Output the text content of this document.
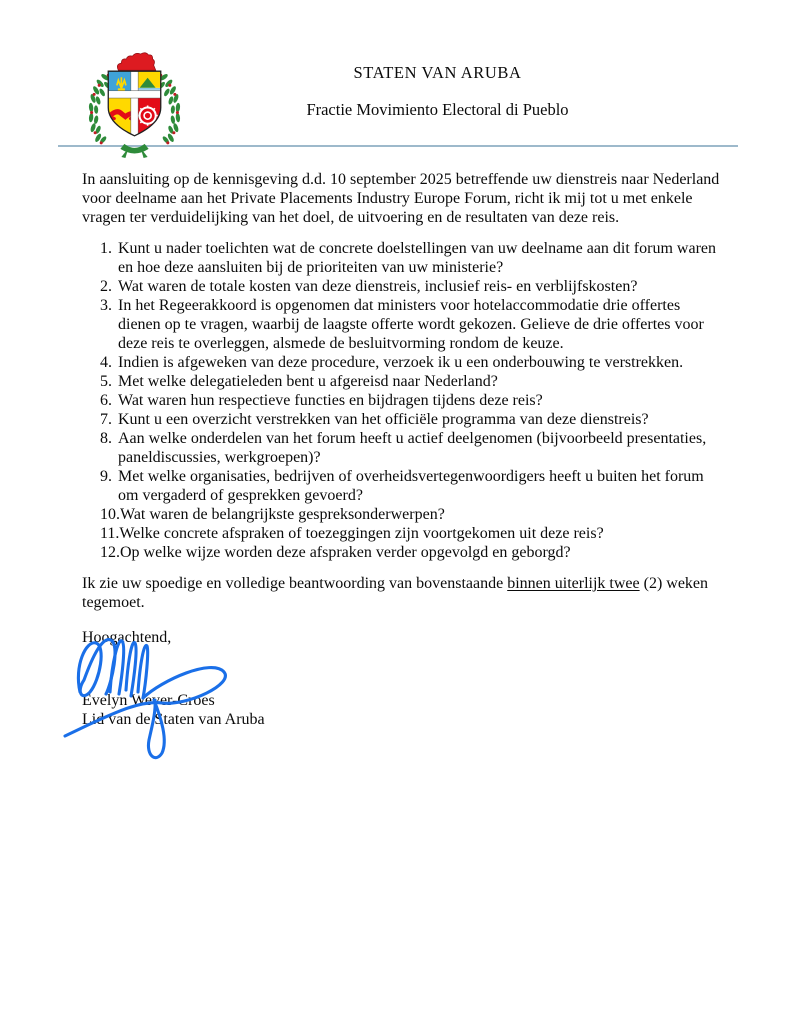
STATEN VAN ARUBA
Fractie Movimiento Electoral di Pueblo

In aansluiting op de kennisgeving d.d. 10 september 2025 betreffende uw dienstreis naar Nederland voor deelname aan het Private Placements Industry Europe Forum, richt ik mij tot u met enkele vragen ter verduidelijking van het doel, de uitvoering en de resultaten van deze reis.

1. Kunt u nader toelichten wat de concrete doelstellingen van uw deelname aan dit forum waren en hoe deze aansluiten bij de prioriteiten van uw ministerie?
2. Wat waren de totale kosten van deze dienstreis, inclusief reis- en verblijfskosten?
3. In het Regeerakkoord is opgenomen dat ministers voor hotelaccommodatie drie offertes dienen op te vragen, waarbij de laagste offerte wordt gekozen. Gelieve de drie offertes voor deze reis te overleggen, alsmede de besluitvorming rondom de keuze.
4. Indien is afgeweken van deze procedure, verzoek ik u een onderbouwing te verstrekken.
5. Met welke delegatieleden bent u afgereisd naar Nederland?
6. Wat waren hun respectieve functies en bijdragen tijdens deze reis?
7. Kunt u een overzicht verstrekken van het officiële programma van deze dienstreis?
8. Aan welke onderdelen van het forum heeft u actief deelgenomen (bijvoorbeeld presentaties, paneldiscussies, werkgroepen)?
9. Met welke organisaties, bedrijven of overheidsvertegenwoordigers heeft u buiten het forum om vergaderd of gesprekken gevoerd?
10. Wat waren de belangrijkste gespreksonderwerpen?
11. Welke concrete afspraken of toezeggingen zijn voortgekomen uit deze reis?
12. Op welke wijze worden deze afspraken verder opgevolgd en geborgd?

Ik zie uw spoedige en volledige beantwoording van bovenstaande binnen uiterlijk twee (2) weken tegemoet.

Hoogachtend,

Evelyn Wever-Croes

Lid van de Staten van Aruba
